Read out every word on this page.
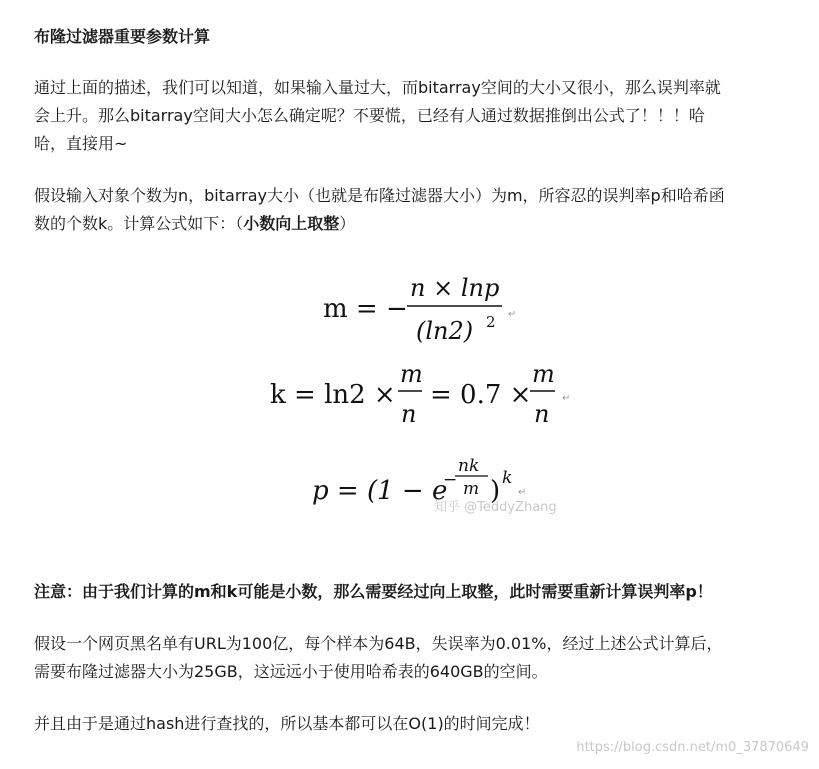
布隆过滤器重要参数计算
通过上面的描述，我们可以知道，如果输入量过大，而bitarray空间的大小又很小，那么误判率就
会上升。那么bitarray空间大小怎么确定呢？不要慌，已经有人通过数据推倒出公式了！！！哈
哈，直接用~
假设输入对象个数为n，bitarray大小（也就是布隆过滤器大小）为m，所容忍的误判率p和哈希函
数的个数k。计算公式如下：（小数向上取整）
m = −
n × lnp
(ln2) 2 ↵
k = ln2 ×
m
n
= 0.7 ×
m
n
↵
p = (1 − e
−
nk
m ) k
↵
知乎 @TeddyZhang
注意：由于我们计算的m和k可能是小数，那么需要经过向上取整，此时需要重新计算误判率p！
假设一个网页黑名单有URL为100亿，每个样本为64B，失误率为0.01%，经过上述公式计算后，
需要布隆过滤器大小为25GB，这远远小于使用哈希表的640GB的空间。
并且由于是通过hash进行查找的，所以基本都可以在O(1)的时间完成！
https://blog.csdn.net/m0_37870649
